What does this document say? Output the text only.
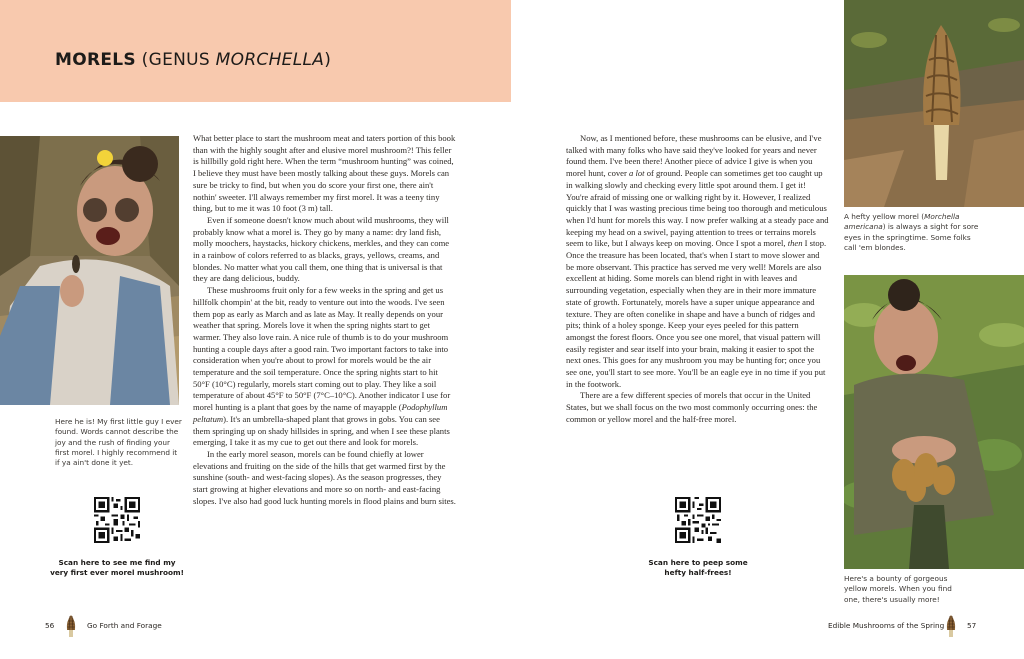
MORELS (GENUS MORCHELLA)

Here he is! My first little guy I ever found. Words cannot describe the joy and the rush of finding your first morel. I highly recommend it if ya ain't done it yet.

Scan here to see me find my very first ever morel mushroom!

What better place to start the mushroom meat and taters portion of this book than with the highly sought after and elusive morel mushroom?! This feller is hillbilly gold right here. When the term “mushroom hunting” was coined, I believe they must have been mostly talking about these guys. Morels can sure be tricky to find, but when you do score your first one, there ain't nothin' sweeter. I'll always remember my first morel. It was a teeny tiny thing, but to me it was 10 foot (3 m) tall.

Even if someone doesn't know much about wild mushrooms, they will probably know what a morel is. They go by many a name: dry land fish, molly moochers, haystacks, hickory chickens, merkles, and they can come in a rainbow of colors referred to as blacks, grays, yellows, creams, and blondes. No matter what you call them, one thing that is universal is that they are dang delicious, buddy.

These mushrooms fruit only for a few weeks in the spring and get us hillfolk chompin' at the bit, ready to venture out into the woods. I've seen them pop as early as March and as late as May. It really depends on your weather that spring. Morels love it when the spring nights start to get warmer. They also love rain. A nice rule of thumb is to do your mushroom hunting a couple days after a good rain. Two important factors to take into consideration when you're about to prowl for morels would be the air temperature and the soil temperature. Once the spring nights start to hit 50°F (10°C) regularly, morels start coming out to play. They like a soil temperature of about 45°F to 50°F (7°C–10°C). Another indicator I use for morel hunting is a plant that goes by the name of mayapple (Podophyllum peltatum). It's an umbrella-shaped plant that grows in gobs. You can see them springing up on shady hillsides in spring, and when I see these plants emerging, I take it as my cue to get out there and look for morels.

In the early morel season, morels can be found chiefly at lower elevations and fruiting on the side of the hills that get warmed first by the sunshine (south- and west-facing slopes). As the season progresses, they start growing at higher elevations and more so on north- and east-facing slopes. I've also had good luck hunting morels in flood plains and burn sites.

Now, as I mentioned before, these mushrooms can be elusive, and I've talked with many folks who have said they've looked for years and never found them. I've been there! Another piece of advice I give is when you morel hunt, cover a lot of ground. People can sometimes get too caught up in walking slowly and checking every little spot around them. I get it! You're afraid of missing one or walking right by it. However, I realized quickly that I was wasting precious time being too thorough and meticulous when I'd hunt for morels this way. I now prefer walking at a steady pace and keeping my head on a swivel, paying attention to trees or terrains morels seem to like, but I always keep on moving. Once I spot a morel, then I stop. Once the treasure has been located, that's when I start to move slower and be more observant. This practice has served me very well! Morels are also excellent at hiding. Some morels can blend right in with leaves and surrounding vegetation, especially when they are in their more immature state of growth. Fortunately, morels have a super unique appearance and texture. They are often conelike in shape and have a bunch of ridges and pits; think of a holey sponge. Keep your eyes peeled for this pattern amongst the forest floors. Once you see one morel, that visual pattern will easily register and sear itself into your brain, making it easier to spot the next ones. This goes for any mushroom you may be hunting for; once you see one, you'll start to see more. You'll be an eagle eye in no time if you put in the footwork.

There are a few different species of morels that occur in the United States, but we shall focus on the two most commonly occurring ones: the common or yellow morel and the half-free morel.

Scan here to peep some hefty half-frees!

A hefty yellow morel (Morchella americana) is always a sight for sore eyes in the springtime. Some folks call 'em blondes.

Here's a bounty of gorgeous yellow morels. When you find one, there's usually more!

56	Go Forth and Forage	Edible Mushrooms of the Spring	57
